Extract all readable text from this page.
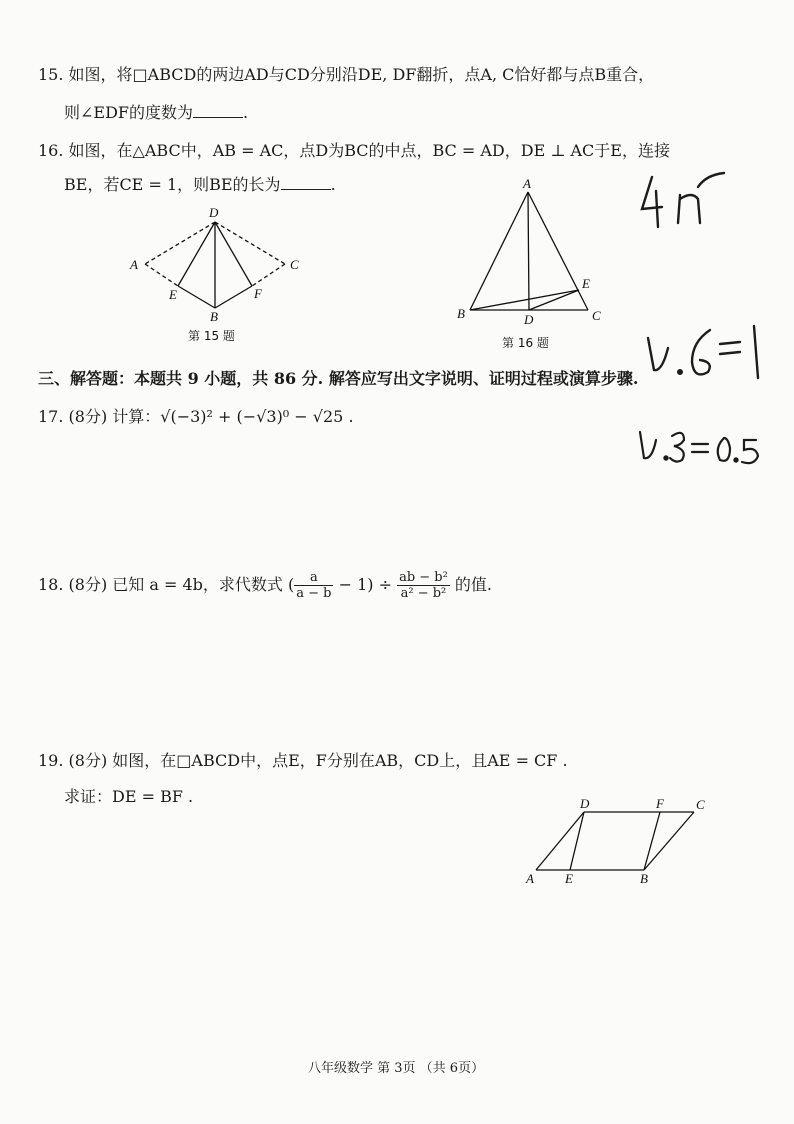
15. 如图，将□ABCD的两边AD与CD分别沿DE, DF翻折，点A, C恰好都与点B重合，
则∠EDF的度数为	.
16. 如图，在△ABC中，AB = AC，点D为BC的中点，BC = AD，DE ⊥ AC于E，连接
BE，若CE = 1，则BE的长为	.
D
A	C
E	F
B
第 15 题
A
B	C
D
E
第 16 题
45°
0.6=1
0.3=0.5
三、解答题：本题共 9 小题，共 86 分. 解答应写出文字说明、证明过程或演算步骤.
17. (8分) 计算：√(−3)² + (−√3)⁰ − √25 .
18. (8分) 已知 a = 4b，求代数式 ( $\frac{a}{a - b} - 1) \div \frac{\text{ab − b²}}{\text{a² − b²}}$ 的值.
19. (8分) 如图，在□ABCD中，点E，F分别在AB，CD上，且AE = CF .
求证：DE = BF .	D	F C
A E	B
八年级数学 第 3页 （共 6页）
